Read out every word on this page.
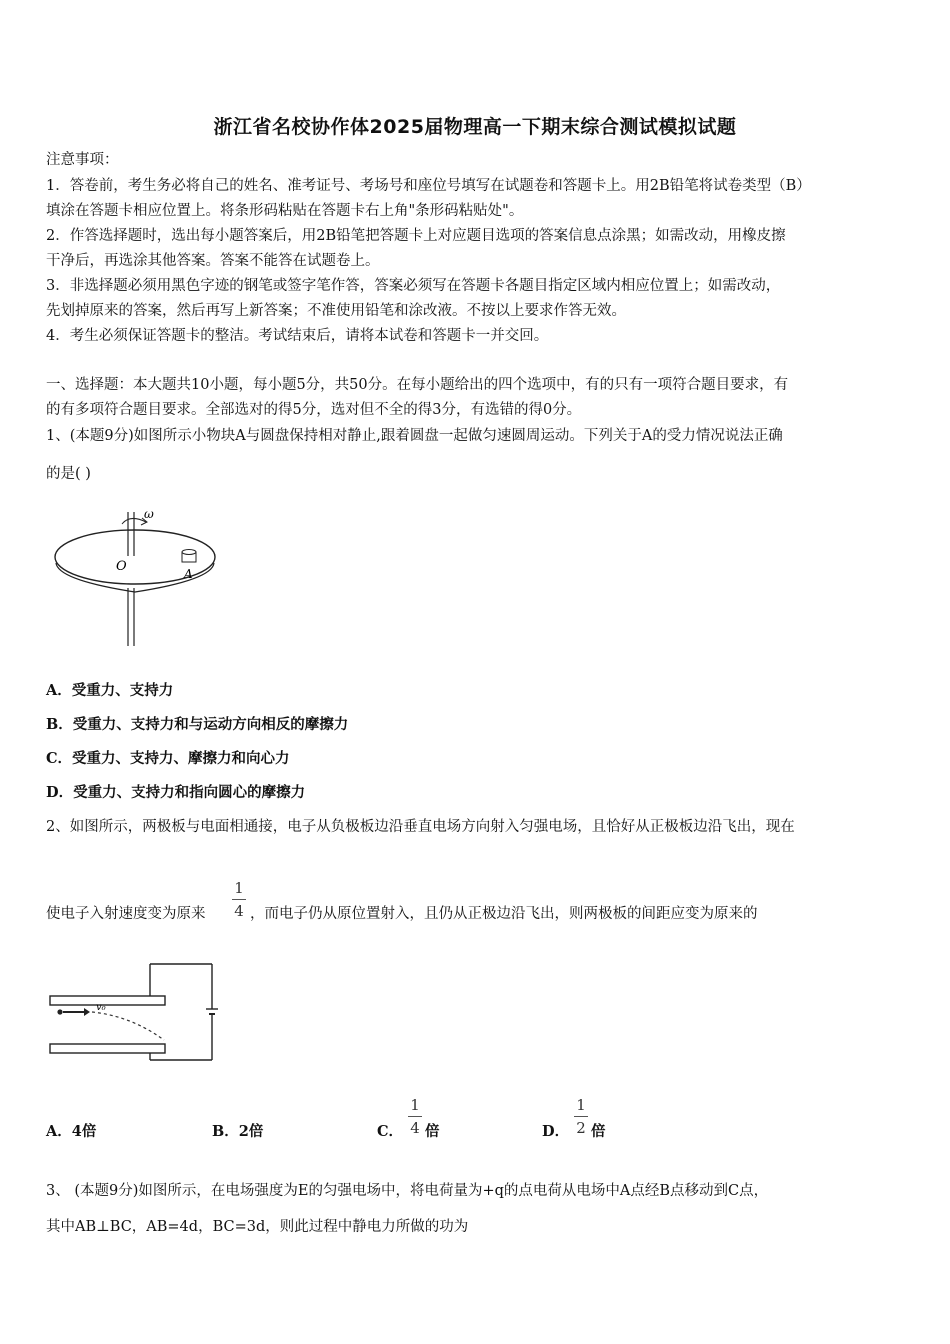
浙江省名校协作体2025届物理高一下期末综合测试模拟试题
注意事项：
1．答卷前，考生务必将自己的姓名、准考证号、考场号和座位号填写在试题卷和答题卡上。用2B铅笔将试卷类型（B）
填涂在答题卡相应位置上。将条形码粘贴在答题卡右上角"条形码粘贴处"。
2．作答选择题时，选出每小题答案后，用2B铅笔把答题卡上对应题目选项的答案信息点涂黑；如需改动，用橡皮擦
干净后，再选涂其他答案。答案不能答在试题卷上。
3．非选择题必须用黑色字迹的钢笔或签字笔作答，答案必须写在答题卡各题目指定区域内相应位置上；如需改动，
先划掉原来的答案，然后再写上新答案；不准使用铅笔和涂改液。不按以上要求作答无效。
4．考生必须保证答题卡的整洁。考试结束后，请将本试卷和答题卡一并交回。
一、选择题：本大题共10小题，每小题5分，共50分。在每小题给出的四个选项中，有的只有一项符合题目要求，有
的有多项符合题目要求。全部选对的得5分，选对但不全的得3分，有选错的得0分。
1、(本题9分)如图所示小物块A与圆盘保持相对静止,跟着圆盘一起做匀速圆周运动。下列关于A的受力情况说法正确
的是( )
ω
O	A
A．受重力、支持力
B．受重力、支持力和与运动方向相反的摩擦力
C．受重力、支持力、摩擦力和向心力
D．受重力、支持力和指向圆心的摩擦力
2、如图所示，两极板与电面相通接，电子从负极板边沿垂直电场方向射入匀强电场，且恰好从正极板边沿飞出，现在
使电子入射速度变为原来
1
4 ，而电子仍从原位置射入，且仍从正极边沿飞出，则两极板的间距应变为原来的
v₀
A．4倍	B．2倍	C．
1
4 倍	D．
1
2 倍
3、 (本题9分)如图所示，在电场强度为E的匀强电场中，将电荷量为+q的点电荷从电场中A点经B点移动到C点，
其中AB⊥BC，AB=4d，BC=3d，则此过程中静电力所做的功为
